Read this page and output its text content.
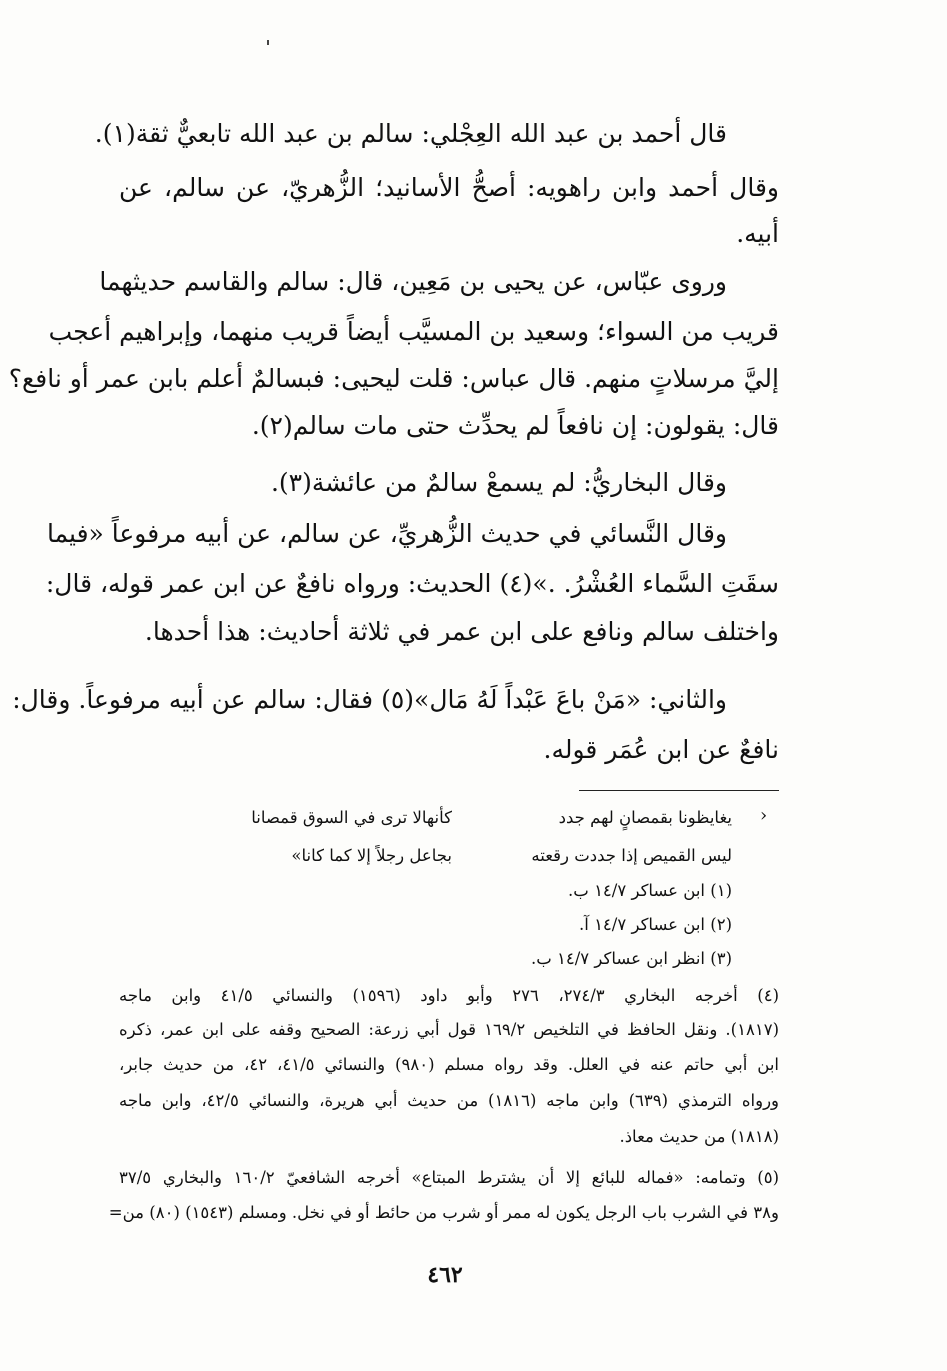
قال أحمد بن عبد الله العِجْلي: سالم بن عبد الله تابعيٌّ ثقة(١).
وقال أحمد وابن راهويه: أصحُّ الأسانيد؛ الزُّهريّ، عن سالم، عن
أبيه.
وروى عبّاس، عن يحيى بن مَعِين، قال: سالم والقاسم حديثهما
قريب من السواء؛ وسعيد بن المسيَّب أيضاً قريب منهما، وإبراهيم أعجب
إليَّ مرسلاتٍ منهم. قال عباس: قلت ليحيى: فبسالمٌ أعلم بابن عمر أو نافع؟
قال: يقولون: إن نافعاً لم يحدِّث حتى مات سالم(٢).
وقال البخاريُّ: لم يسمعْ سالمٌ من عائشة(٣).
وقال النَّسائي في حديث الزُّهريِّ، عن سالم، عن أبيه مرفوعاً «فيما
سقَتِ السَّماء العُشْرُ. .»(٤) الحديث: ورواه نافعٌ عن ابن عمر قوله، قال:
واختلف سالم ونافع على ابن عمر في ثلاثة أحاديث: هذا أحدها.
والثاني: «مَنْ باعَ عَبْداً لَهُ مَال»(٥) فقال: سالم عن أبيه مرفوعاً. وقال:
نافعٌ عن ابن عُمَر قوله.
‹
يغايظونا بقمصانٍ لهم جدد
كأنهالا ترى في السوق قمصانا
ليس القميص إذا جددت رقعته
بجاعل رجلاً إلا كما كانا»
(١) ابن عساكر ١٤/٧ ب.
(٢) ابن عساكر ١٤/٧ آ.
(٣) انظر ابن عساكر ١٤/٧ ب.
(٤) أخرجه البخاري ٢٧٤/٣، ٢٧٦ وأبو داود (١٥٩٦) والنسائي ٤١/٥ وابن ماجه
(١٨١٧). ونقل الحافظ في التلخيص ١٦٩/٢ قول أبي زرعة: الصحيح وقفه على ابن عمر، ذكره
ابن أبي حاتم عنه في العلل. وقد رواه مسلم (٩٨٠) والنسائي ٤١/٥، ٤٢، من حديث جابر،
ورواه الترمذي (٦٣٩) وابن ماجه (١٨١٦) من حديث أبي هريرة، والنسائي ٤٢/٥، وابن ماجه
(١٨١٨) من حديث معاذ.
(٥) وتمامه: «فماله للبائع إلا أن يشترط المبتاع» أخرجه الشافعيّ ١٦٠/٢ والبخاري ٣٧/٥
و٣٨ في الشرب باب الرجل يكون له ممر أو شرب من حائط أو في نخل. ومسلم (١٥٤٣) (٨٠) من=
٤٦٢
